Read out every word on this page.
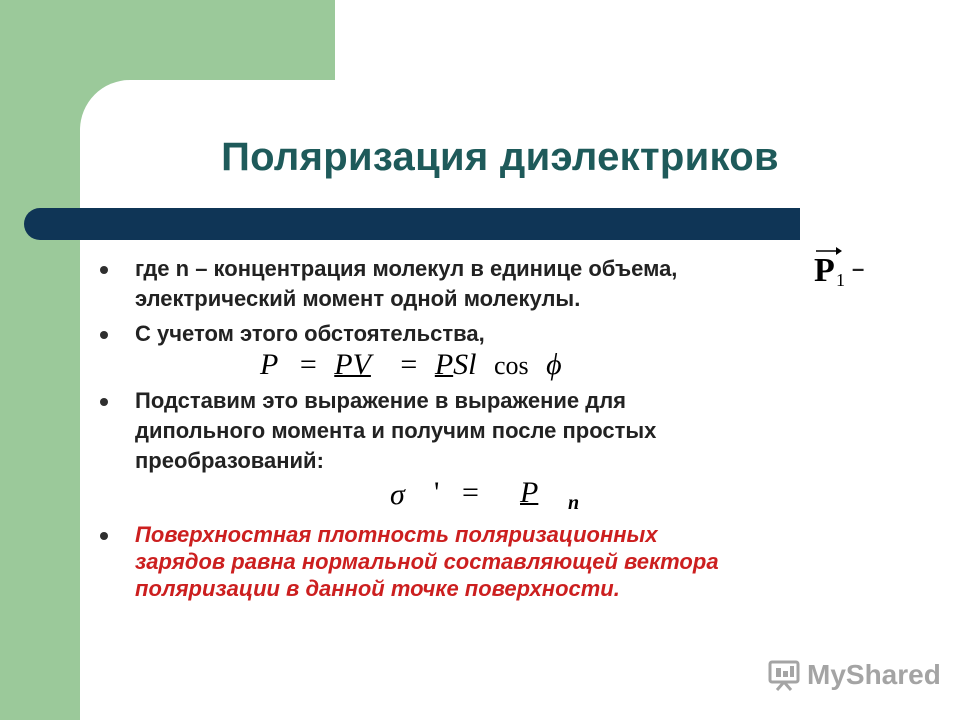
Поляризация диэлектриков

где n – концентрация молекул в единице объема,

электрический момент одной молекулы.

P 1 –

С учетом этого обстоятельства,

P = PV = PSl cos ϕ

Подставим это выражение в выражение для

дипольного момента и получим после простых

преобразований:

σ ' = P n

Поверхностная плотность поляризационных

зарядов равна нормальной составляющей вектора

поляризации в данной точке поверхности.

MyShared
